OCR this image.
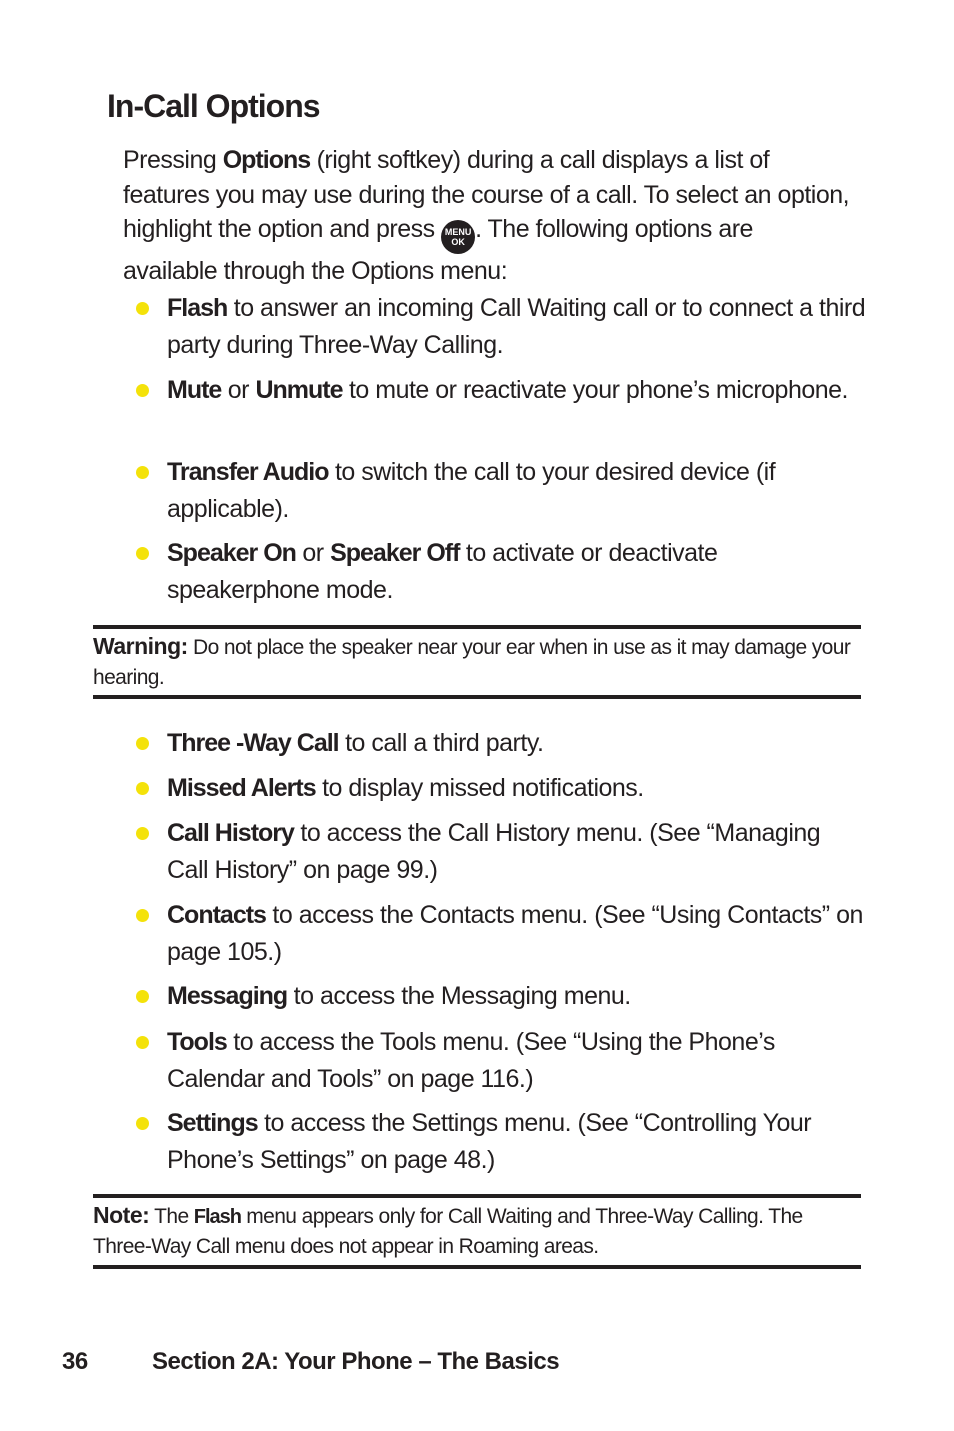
In-Call Options

Pressing Options (right softkey) during a call displays a list of features you may use during the course of a call. To select an option, highlight the option and press MENU
OK . The following options are available through the Options menu:

Flash to answer an incoming Call Waiting call or to connect a third party during Three-Way Calling.
Mute or Unmute to mute or reactivate your phone’s microphone.
Transfer Audio to switch the call to your desired device (if applicable).
Speaker On or Speaker Off to activate or deactivate speakerphone mode.
Warning: Do not place the speaker near your ear when in use as it may damage your hearing.
Three -Way Call to call a third party.
Missed Alerts to display missed notifications.
Call History to access the Call History menu. (See “Managing Call History” on page 99.)
Contacts to access the Contacts menu. (See “Using Contacts” on page 105.)
Messaging to access the Messaging menu.
Tools to access the Tools menu. (See “Using the Phone’s Calendar and Tools” on page 116.)
Settings to access the Settings menu. (See “Controlling Your Phone’s Settings” on page 48.)
Note: The Flash menu appears only for Call Waiting and Three-Way Calling. The Three-Way Call menu does not appear in Roaming areas.
36	Section 2A: Your Phone – The Basics
